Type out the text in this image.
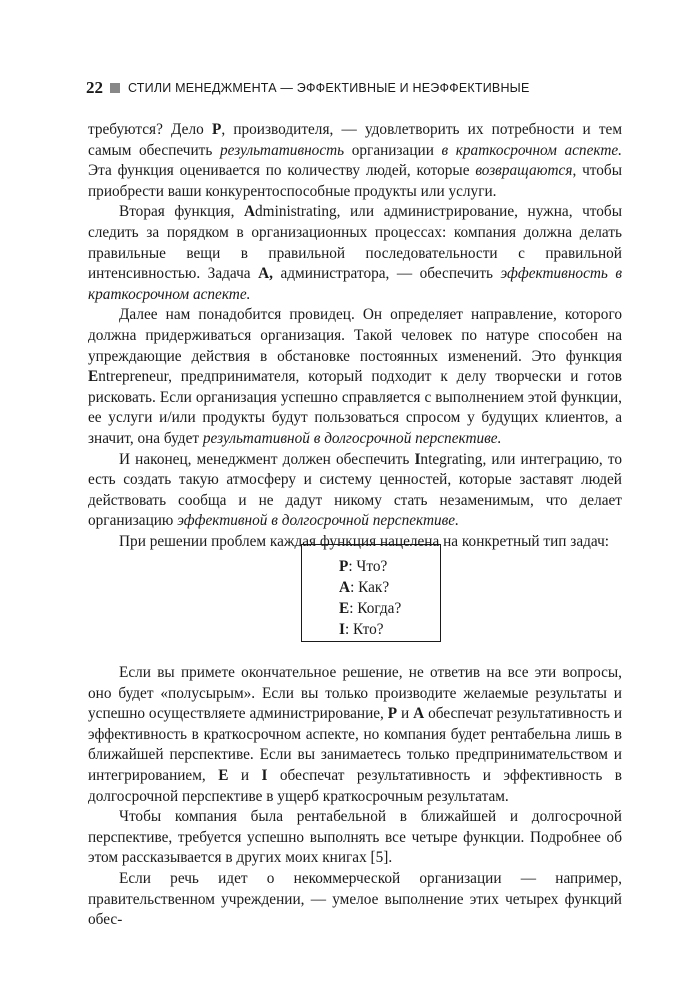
22 СТИЛИ МЕНЕДЖМЕНТА — ЭФФЕКТИВНЫЕ И НЕЭФФЕКТИВНЫЕ

требуются? Дело P, производителя, — удовлетворить их потребности и тем самым обеспечить результативность организации в краткосрочном аспекте. Эта функция оценивается по количеству людей, которые возвращаются, чтобы приобрести ваши конкурентоспособные продукты или услуги.

Вторая функция, Administrating, или администрирование, нужна, чтобы следить за порядком в организационных процессах: компания должна делать правильные вещи в правильной последовательности с правильной интенсивностью. Задача A, администратора, — обеспечить эффективность в краткосрочном аспекте.

Далее нам понадобится провидец. Он определяет направление, которого должна придерживаться организация. Такой человек по натуре способен на упреждающие действия в обстановке постоянных изменений. Это функция Entrepreneur, предпринимателя, который подходит к делу творчески и готов рисковать. Если организация успешно справляется с выполнением этой функции, ее услуги и/или продукты будут пользоваться спросом у будущих клиентов, а значит, она будет результативной в долгосрочной перспективе.

И наконец, менеджмент должен обеспечить Integrating, или интеграцию, то есть создать такую атмосферу и систему ценностей, которые заставят людей действовать сообща и не дадут никому стать незаменимым, что делает организацию эффективной в долгосрочной перспективе.

При решении проблем каждая функция нацелена на конкретный тип задач:

P: Что?
A: Как?
E: Когда?
I: Кто?

Если вы примете окончательное решение, не ответив на все эти вопросы, оно будет «полусырым». Если вы только производите желаемые результаты и успешно осуществляете администрирование, P и A обеспечат результативность и эффективность в краткосрочном аспекте, но компания будет рентабельна лишь в ближайшей перспективе. Если вы занимаетесь только предпринимательством и интегрированием, E и I обеспечат результативность и эффективность в долгосрочной перспективе в ущерб краткосрочным результатам.

Чтобы компания была рентабельной в ближайшей и долгосрочной перспективе, требуется успешно выполнять все четыре функции. Подробнее об этом рассказывается в других моих книгах [5].

Если речь идет о некоммерческой организации — например, правительственном учреждении, — умелое выполнение этих четырех функций обес-
